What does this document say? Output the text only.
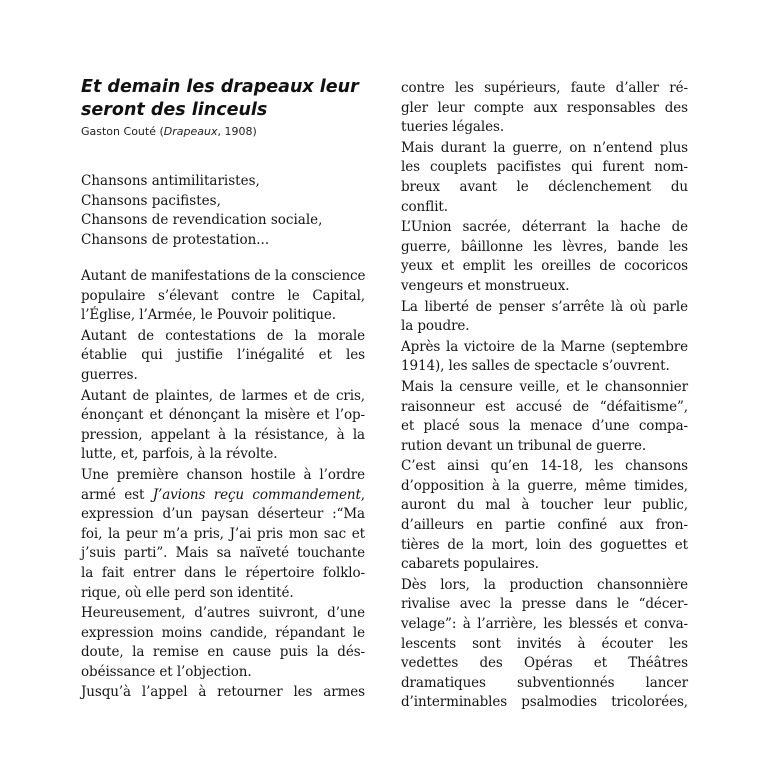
Et demain les drapeaux leur seront des linceuls
Gaston Couté (Drapeaux, 1908)
Chansons antimilitaristes,
Chansons pacifistes,
Chansons de revendication sociale,
Chansons de protestation...

Autant de manifestations de la conscience
populaire s’élevant contre le Capital,
l’Église, l’Armée, le Pouvoir politique.

Autant de contestations de la morale
établie qui justifie l’inégalité et les
guerres.

Autant de plaintes, de larmes et de cris,
énonçant et dénonçant la misère et l’op-
pression, appelant à la résistance, à la
lutte, et, parfois, à la révolte.

Une première chanson hostile à l’ordre
armé est J’avions reçu commandement,
expression d’un paysan déserteur :“Ma
foi, la peur m’a pris, J’ai pris mon sac et
j’suis parti”. Mais sa naïveté touchante
la fait entrer dans le répertoire folklo-
rique, où elle perd son identité.

Heureusement, d’autres suivront, d’une
expression moins candide, répandant le
doute, la remise en cause puis la dés-
obéissance et l’objection.

Jusqu’à l’appel à retourner les armes

contre les supérieurs, faute d’aller ré-
gler leur compte aux responsables des
tueries légales.

Mais durant la guerre, on n’entend plus
les couplets pacifistes qui furent nom-
breux avant le déclenchement du
conflit.

L’Union sacrée, déterrant la hache de
guerre, bâillonne les lèvres, bande les
yeux et emplit les oreilles de cocoricos
vengeurs et monstrueux.

La liberté de penser s’arrête là où parle
la poudre.

Après la victoire de la Marne (septembre
1914), les salles de spectacle s’ouvrent.

Mais la censure veille, et le chansonnier
raisonneur est accusé de “défaitisme”,
et placé sous la menace d’une compa-
rution devant un tribunal de guerre.

C’est ainsi qu’en 14-18, les chansons
d’opposition à la guerre, même timides,
auront du mal à toucher leur public,
d’ailleurs en partie confiné aux fron-
tières de la mort, loin des goguettes et
cabarets populaires.

Dès lors, la production chansonnière
rivalise avec la presse dans le “décer-
velage”: à l’arrière, les blessés et conva-
lescents sont invités à écouter les
vedettes des Opéras et Théâtres
dramatiques subventionnés lancer
d’interminables psalmodies tricolorées,
